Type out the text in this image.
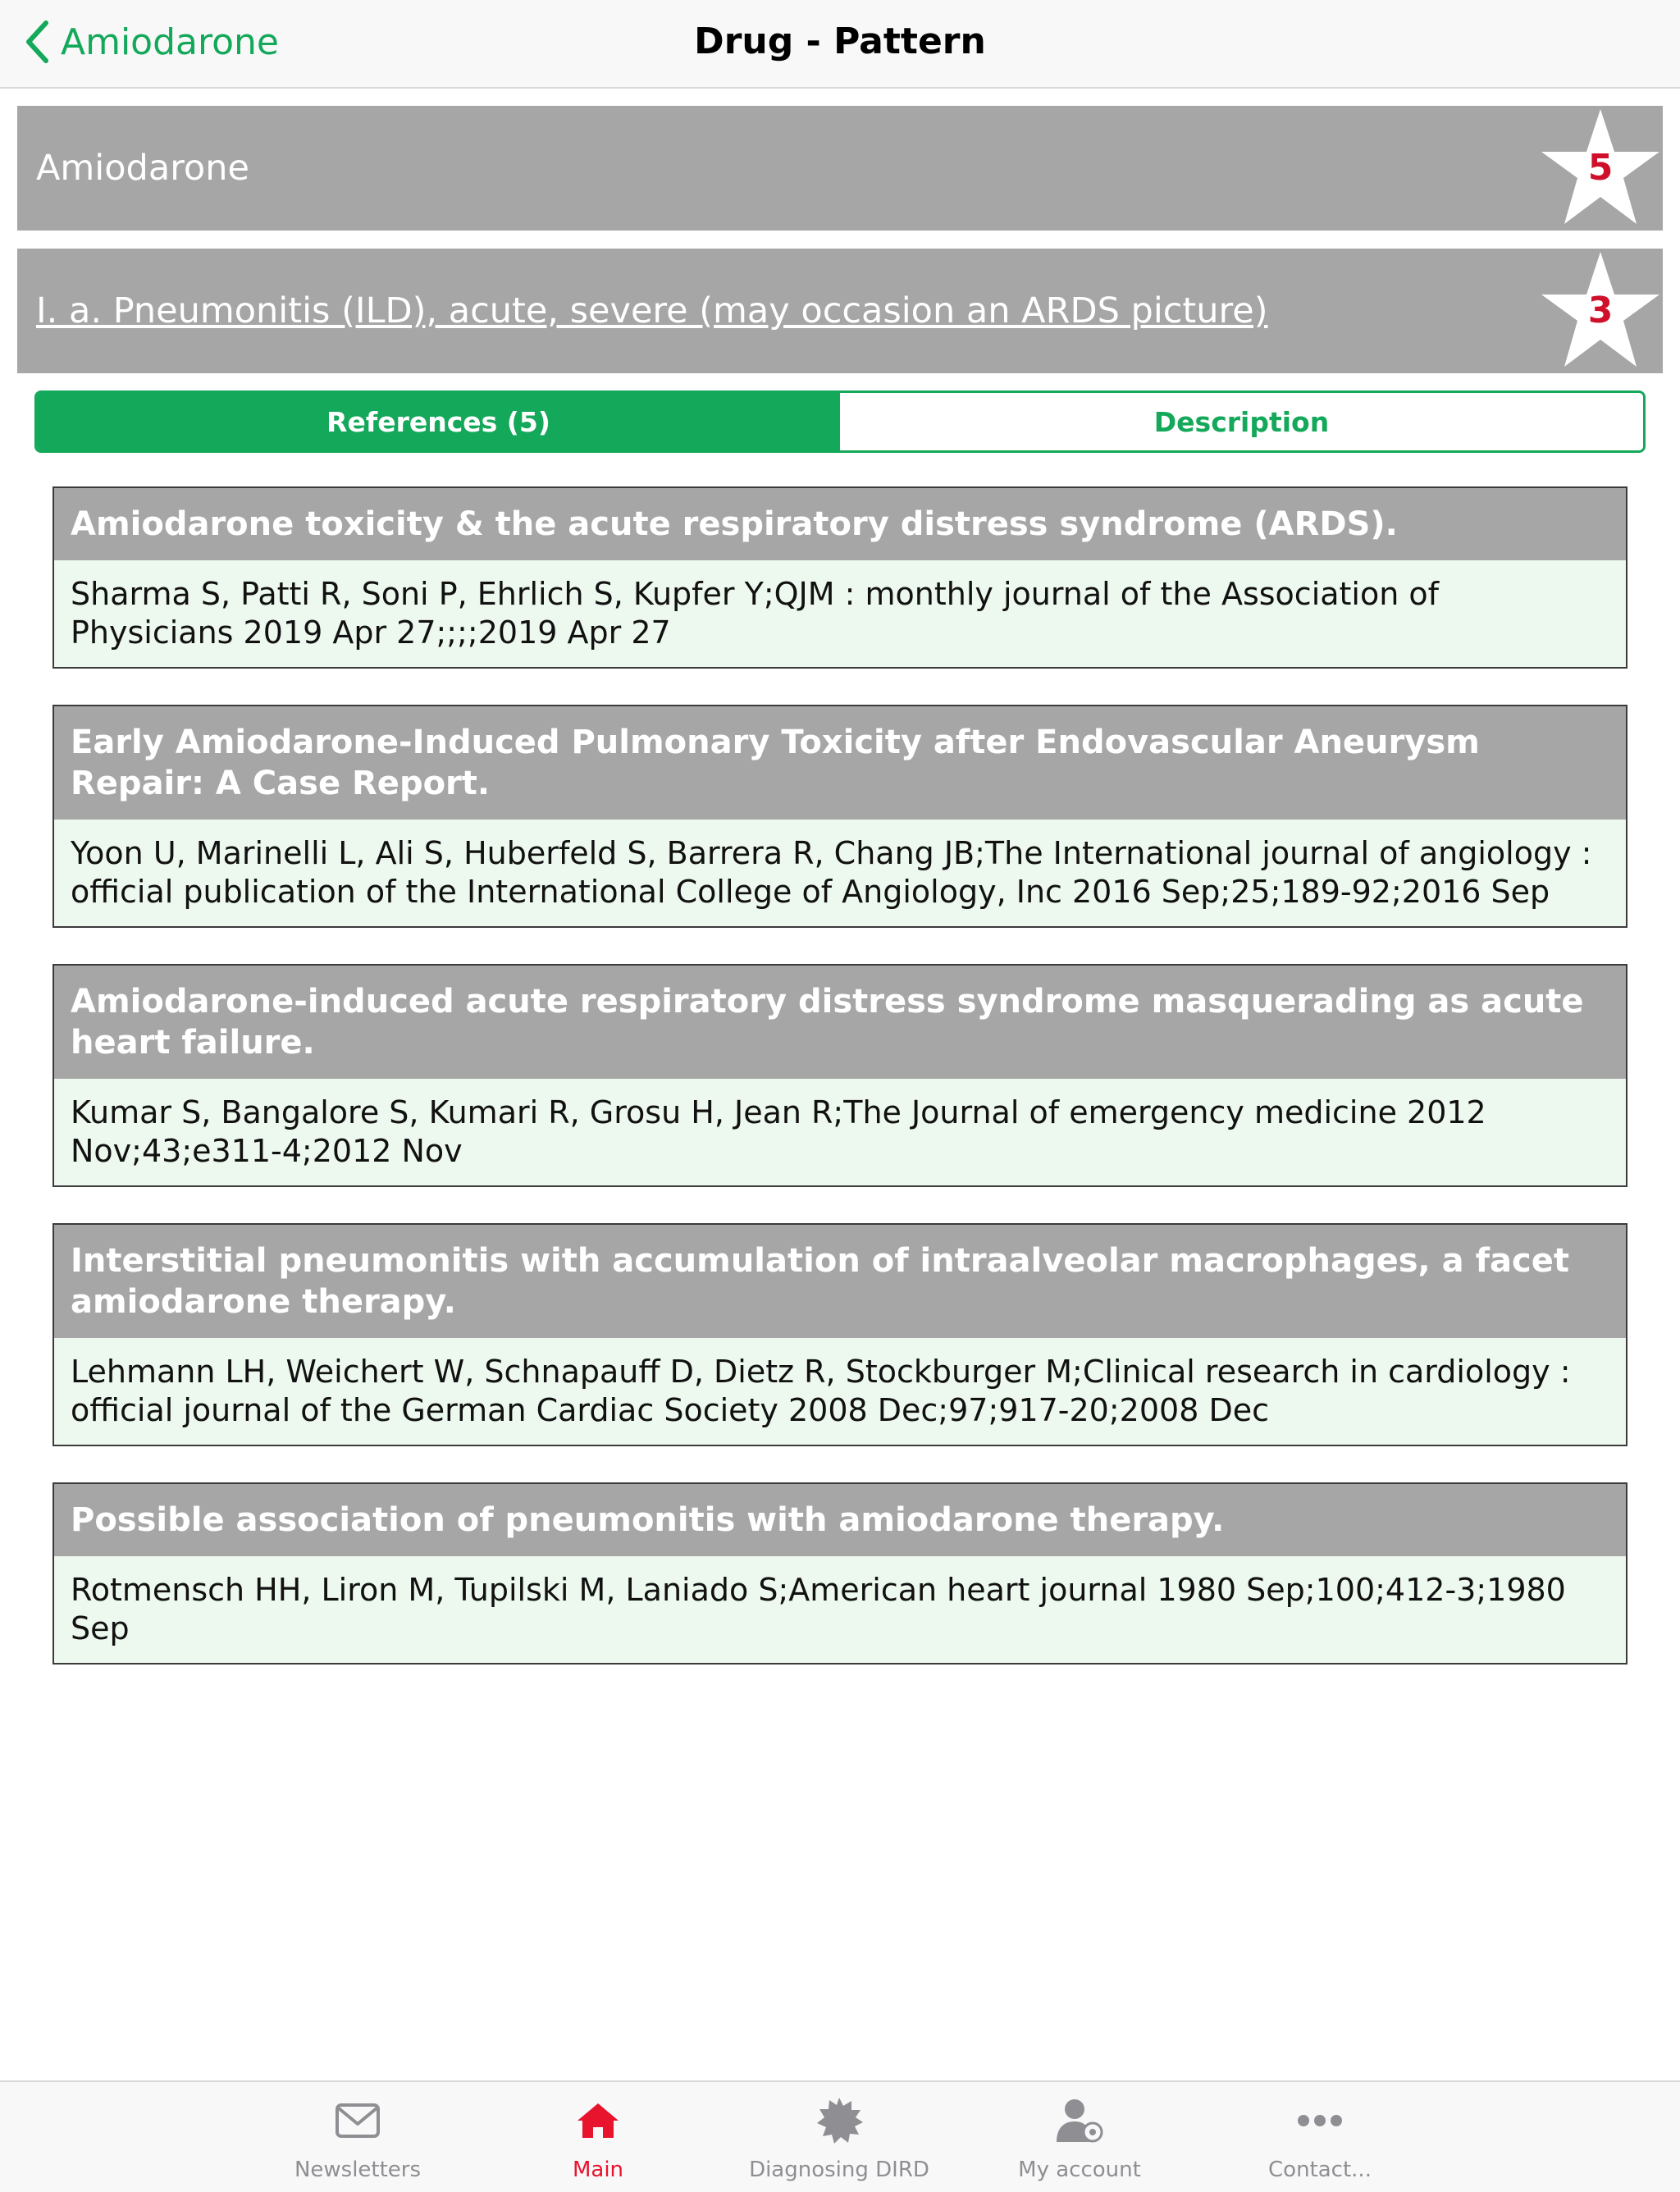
Amiodarone	Drug - Pattern
Amiodarone	5
I. a. Pneumonitis (ILD), acute, severe (may occasion an ARDS picture)	3
References (5)	Description
Amiodarone toxicity & the acute respiratory distress syndrome (ARDS).
Sharma S, Patti R, Soni P, Ehrlich S, Kupfer Y;QJM : monthly journal of the Association of Physicians 2019 Apr 27;;;;2019 Apr 27
Early Amiodarone-Induced Pulmonary Toxicity after Endovascular Aneurysm Repair: A Case Report.
Yoon U, Marinelli L, Ali S, Huberfeld S, Barrera R, Chang JB;The International journal of angiology : official publication of the International College of Angiology, Inc 2016 Sep;25;189-92;2016 Sep
Amiodarone-induced acute respiratory distress syndrome masquerading as acute heart failure.
Kumar S, Bangalore S, Kumari R, Grosu H, Jean R;The Journal of emergency medicine 2012 Nov;43;e311-4;2012 Nov
Interstitial pneumonitis with accumulation of intraalveolar macrophages, a facet amiodarone therapy.
Lehmann LH, Weichert W, Schnapauff D, Dietz R, Stockburger M;Clinical research in cardiology : official journal of the German Cardiac Society 2008 Dec;97;917-20;2008 Dec
Possible association of pneumonitis with amiodarone therapy.
Rotmensch HH, Liron M, Tupilski M, Laniado S;American heart journal 1980 Sep;100;412-3;1980 Sep
Newsletters	Main	Diagnosing DIRD	My account	Contact...
